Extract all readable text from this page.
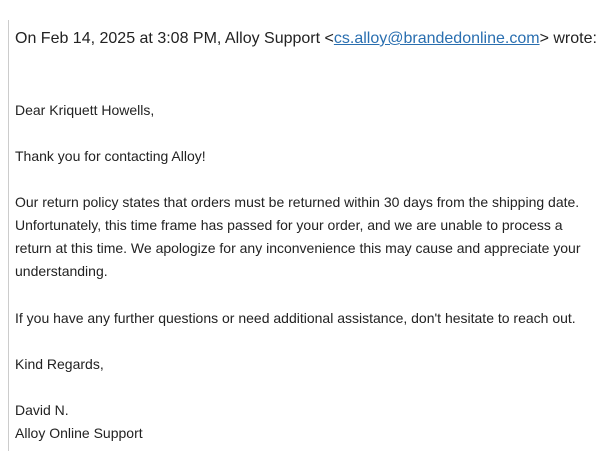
On Feb 14, 2025 at 3:08 PM, Alloy Support <cs.alloy@brandedonline.com> wrote:
Dear Kriquett Howells,
Thank you for contacting Alloy!
Our return policy states that orders must be returned within 30 days from the shipping date.
Unfortunately, this time frame has passed for your order, and we are unable to process a
return at this time. We apologize for any inconvenience this may cause and appreciate your
understanding.
If you have any further questions or need additional assistance, don't hesitate to reach out.
Kind Regards,
David N.
Alloy Online Support
